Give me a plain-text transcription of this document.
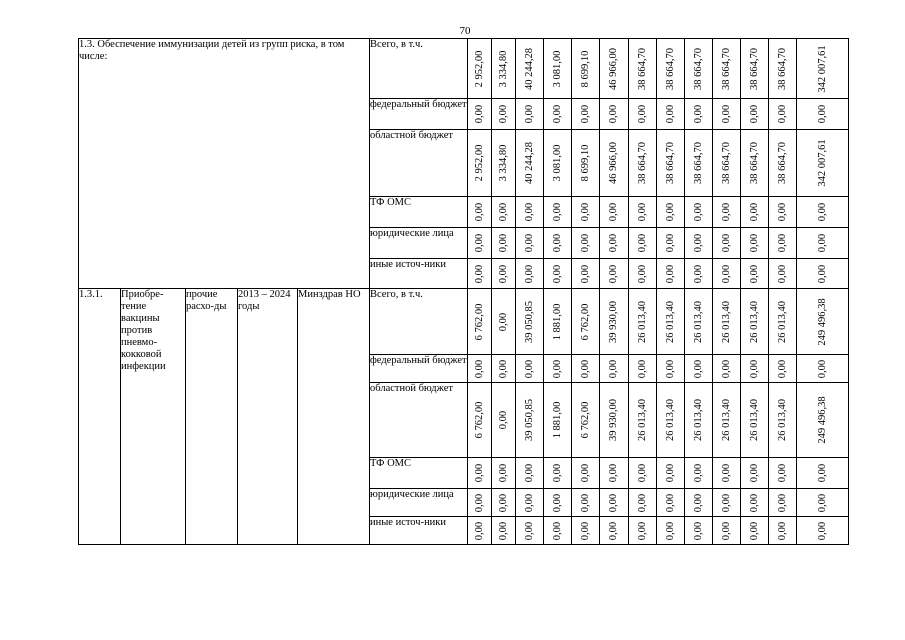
70
1.3. Обеспечение иммунизации детей из групп риска, в том числе:					Всего, в т.ч.	2 952,00	3 334,80	40 244,28	3 081,00	8 699,10	46 966,00	38 664,70	38 664,70	38 664,70	38 664,70	38 664,70	38 664,70	342 007,61

					федеральный бюджет	0,00	0,00	0,00	0,00	0,00	0,00	0,00	0,00	0,00	0,00	0,00	0,00	0,00

					областной бюджет	2 952,00	3 334,80	40 244,28	3 081,00	8 699,10	46 966,00	38 664,70	38 664,70	38 664,70	38 664,70	38 664,70	38 664,70	342 007,61

					ТФ ОМС	0,00	0,00	0,00	0,00	0,00	0,00	0,00	0,00	0,00	0,00	0,00	0,00	0,00

					юридические лица	0,00	0,00	0,00	0,00	0,00	0,00	0,00	0,00	0,00	0,00	0,00	0,00	0,00

					иные источ-ники	0,00	0,00	0,00	0,00	0,00	0,00	0,00	0,00	0,00	0,00	0,00	0,00	0,00

1.3.1.	Приобре-тение вакцины против пневмо-кокковой инфекции	прочие расхо-ды	2013 – 2024 годы	Минздрав НО	Всего, в т.ч.	6 762,00	0,00	39 050,85	1 881,00	6 762,00	39 930,00	26 013,40	26 013,40	26 013,40	26 013,40	26 013,40	26 013,40	249 496,38

					федеральный бюджет	0,00	0,00	0,00	0,00	0,00	0,00	0,00	0,00	0,00	0,00	0,00	0,00	0,00

					областной бюджет	6 762,00	0,00	39 050,85	1 881,00	6 762,00	39 930,00	26 013,40	26 013,40	26 013,40	26 013,40	26 013,40	26 013,40	249 496,38

					ТФ ОМС	0,00	0,00	0,00	0,00	0,00	0,00	0,00	0,00	0,00	0,00	0,00	0,00	0,00

					юридические лица	0,00	0,00	0,00	0,00	0,00	0,00	0,00	0,00	0,00	0,00	0,00	0,00	0,00

					иные источ-ники	0,00	0,00	0,00	0,00	0,00	0,00	0,00	0,00	0,00	0,00	0,00	0,00	0,00
